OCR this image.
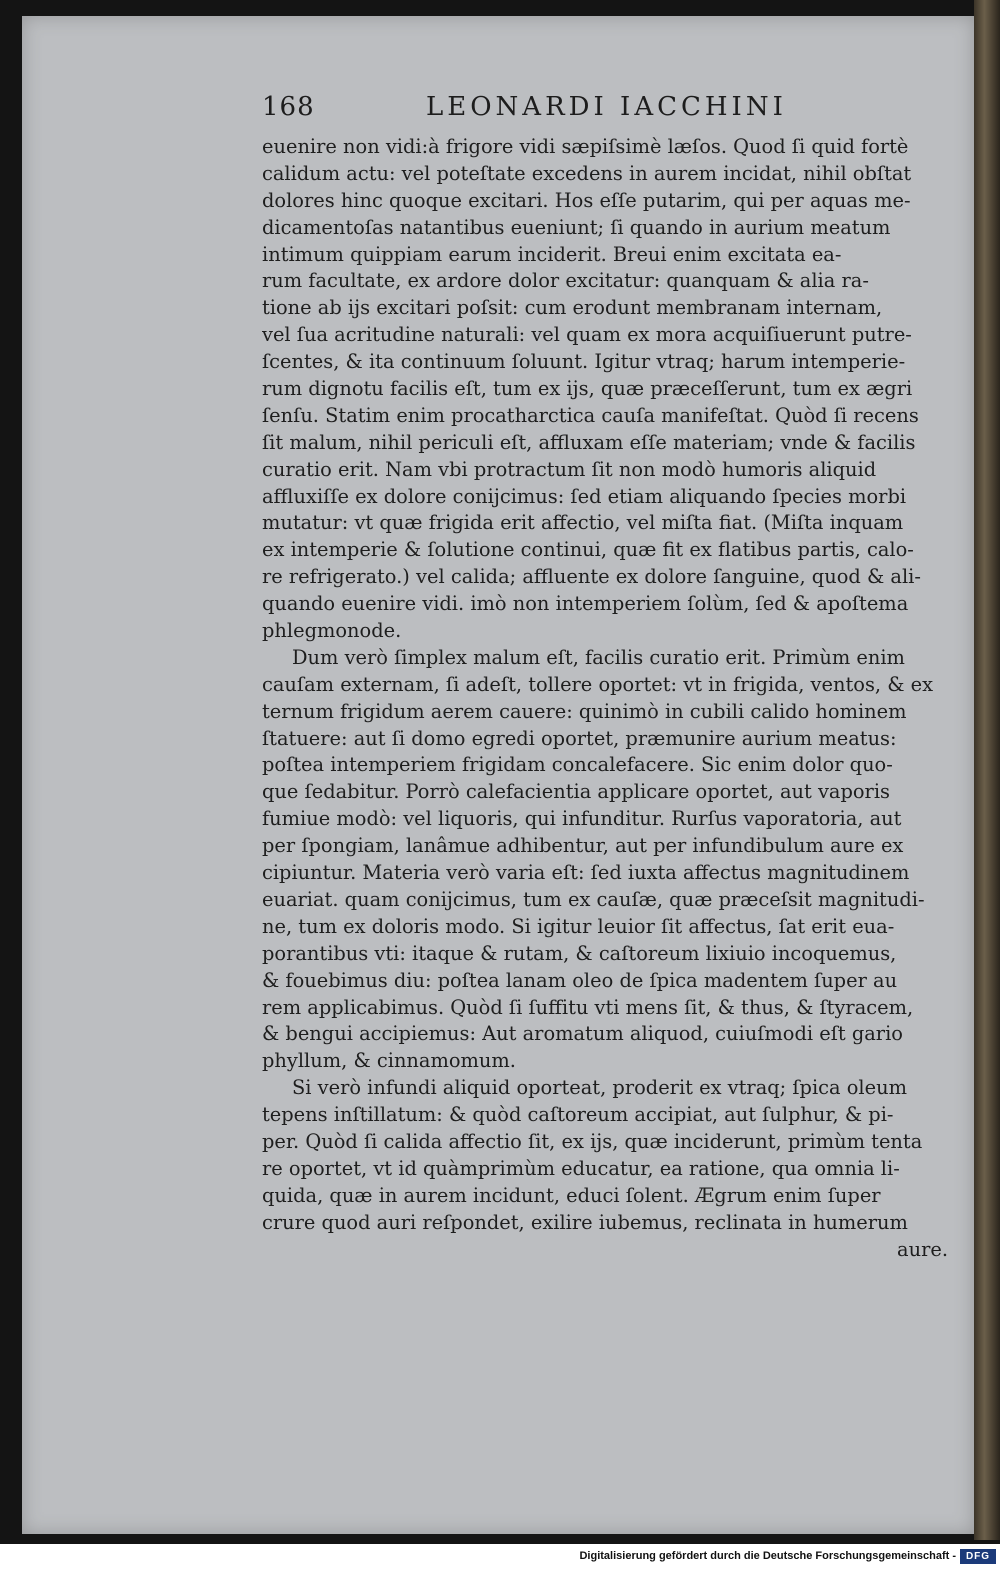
168	LEONARDI IACCHINI
euenire non vidi:à frigore vidi sæpiſsimè læſos. Quod ſi quid fortè
calidum actu: vel poteſtate excedens in aurem incidat, nihil obſtat
dolores hinc quoque excitari. Hos eſſe putarim, qui per aquas me-
dicamentoſas natantibus eueniunt; ſi quando in aurium meatum
intimum quippiam earum inciderit. Breui enim excitata ea-
rum facultate, ex ardore dolor excitatur: quanquam & alia ra-
tione ab ijs excitari poſsit: cum erodunt membranam internam,
vel ſua acritudine naturali: vel quam ex mora acquiſiuerunt putre-
ſcentes, & ita continuum ſoluunt. Igitur vtraq; harum intemperie-
rum dignotu facilis eſt, tum ex ijs, quæ præceſſerunt, tum ex ægri
ſenſu. Statim enim procatharctica cauſa manifeſtat. Quòd ſi recens
ſit malum, nihil periculi eſt, affluxam eſſe materiam; vnde & facilis
curatio erit. Nam vbi protractum ſit non modò humoris aliquid
affluxiſſe ex dolore conijcimus: ſed etiam aliquando ſpecies morbi
mutatur: vt quæ frigida erit affectio, vel miſta fiat. (Miſta inquam
ex intemperie & ſolutione continui, quæ fit ex flatibus partis, calo-
re refrigerato.) vel calida; affluente ex dolore ſanguine, quod & ali-
quando euenire vidi. imò non intemperiem ſolùm, ſed & apoſtema
phlegmonode.
Dum verò ſimplex malum eſt, facilis curatio erit. Primùm enim
cauſam externam, ſi adeſt, tollere oportet: vt in frigida, ventos, & ex
ternum frigidum aerem cauere: quinimò in cubili calido hominem
ſtatuere: aut ſi domo egredi oportet, præmunire aurium meatus:
poſtea intemperiem frigidam concalefacere. Sic enim dolor quo-
que ſedabitur. Porrò calefacientia applicare oportet, aut vaporis
fumiue modò: vel liquoris, qui infunditur. Rurſus vaporatoria, aut
per ſpongiam, lanâmue adhibentur, aut per infundibulum aure ex
cipiuntur. Materia verò varia eſt: ſed iuxta affectus magnitudinem
euariat. quam conijcimus, tum ex cauſæ, quæ præceſsit magnitudi-
ne, tum ex doloris modo. Si igitur leuior ſit affectus, ſat erit eua-
porantibus vti: itaque & rutam, & caſtoreum lixiuio incoquemus,
& fouebimus diu: poſtea lanam oleo de ſpica madentem ſuper au
rem applicabimus. Quòd ſi ſuffitu vti mens ſit, & thus, & ſtyracem,
& bengui accipiemus: Aut aromatum aliquod, cuiuſmodi eſt gario
phyllum, & cinnamomum.
Si verò infundi aliquid oporteat, proderit ex vtraq; ſpica oleum
tepens inſtillatum: & quòd caſtoreum accipiat, aut ſulphur, & pi-
per. Quòd ſi calida affectio ſit, ex ijs, quæ inciderunt, primùm tenta
re oportet, vt id quàmprimùm educatur, ea ratione, qua omnia li-
quida, quæ in aurem incidunt, educi ſolent. Ægrum enim ſuper
crure quod auri reſpondet, exilire iubemus, reclinata in humerum
aure.
Digitalisierung gefördert durch die Deutsche Forschungsgemeinschaft - DFG
